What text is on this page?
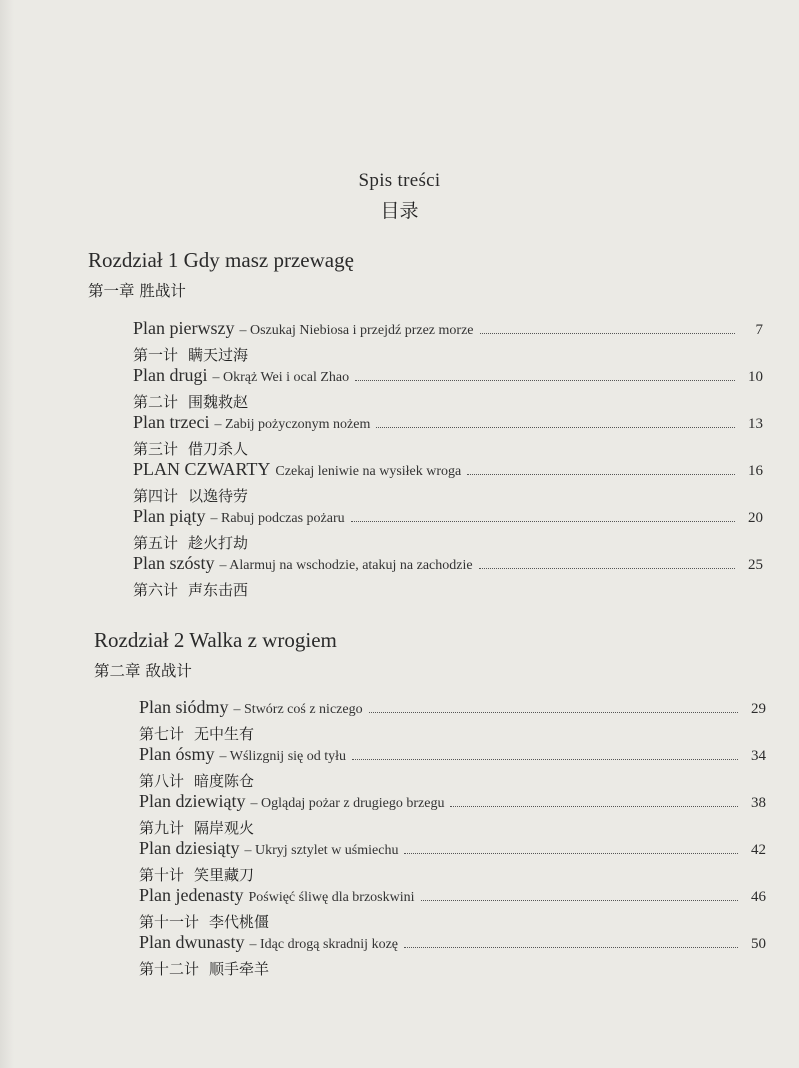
Spis treści
目录
Rozdział 1 Gdy masz przewagę
第一章 胜战计
Plan pierwszy – Oszukaj Niebiosa i przejdź przez morze	7
第一计 瞒天过海
Plan drugi – Okrąż Wei i ocal Zhao	10
第二计 围魏救赵
Plan trzeci – Zabij pożyczonym nożem	13
第三计 借刀杀人
PLAN CZWARTY Czekaj leniwie na wysiłek wroga	16
第四计 以逸待劳
Plan piąty – Rabuj podczas pożaru	20
第五计 趁火打劫
Plan szósty – Alarmuj na wschodzie, atakuj na zachodzie	25
第六计 声东击西
Rozdział 2 Walka z wrogiem
第二章 敌战计
Plan siódmy – Stwórz coś z niczego	29
第七计 无中生有
Plan ósmy – Wślizgnij się od tyłu	34
第八计 暗度陈仓
Plan dziewiąty – Oglądaj pożar z drugiego brzegu	38
第九计 隔岸观火
Plan dziesiąty – Ukryj sztylet w uśmiechu	42
第十计 笑里藏刀
Plan jedenasty Poświęć śliwę dla brzoskwini	46
第十一计 李代桃僵
Plan dwunasty – Idąc drogą skradnij kozę	50
第十二计 顺手牵羊
